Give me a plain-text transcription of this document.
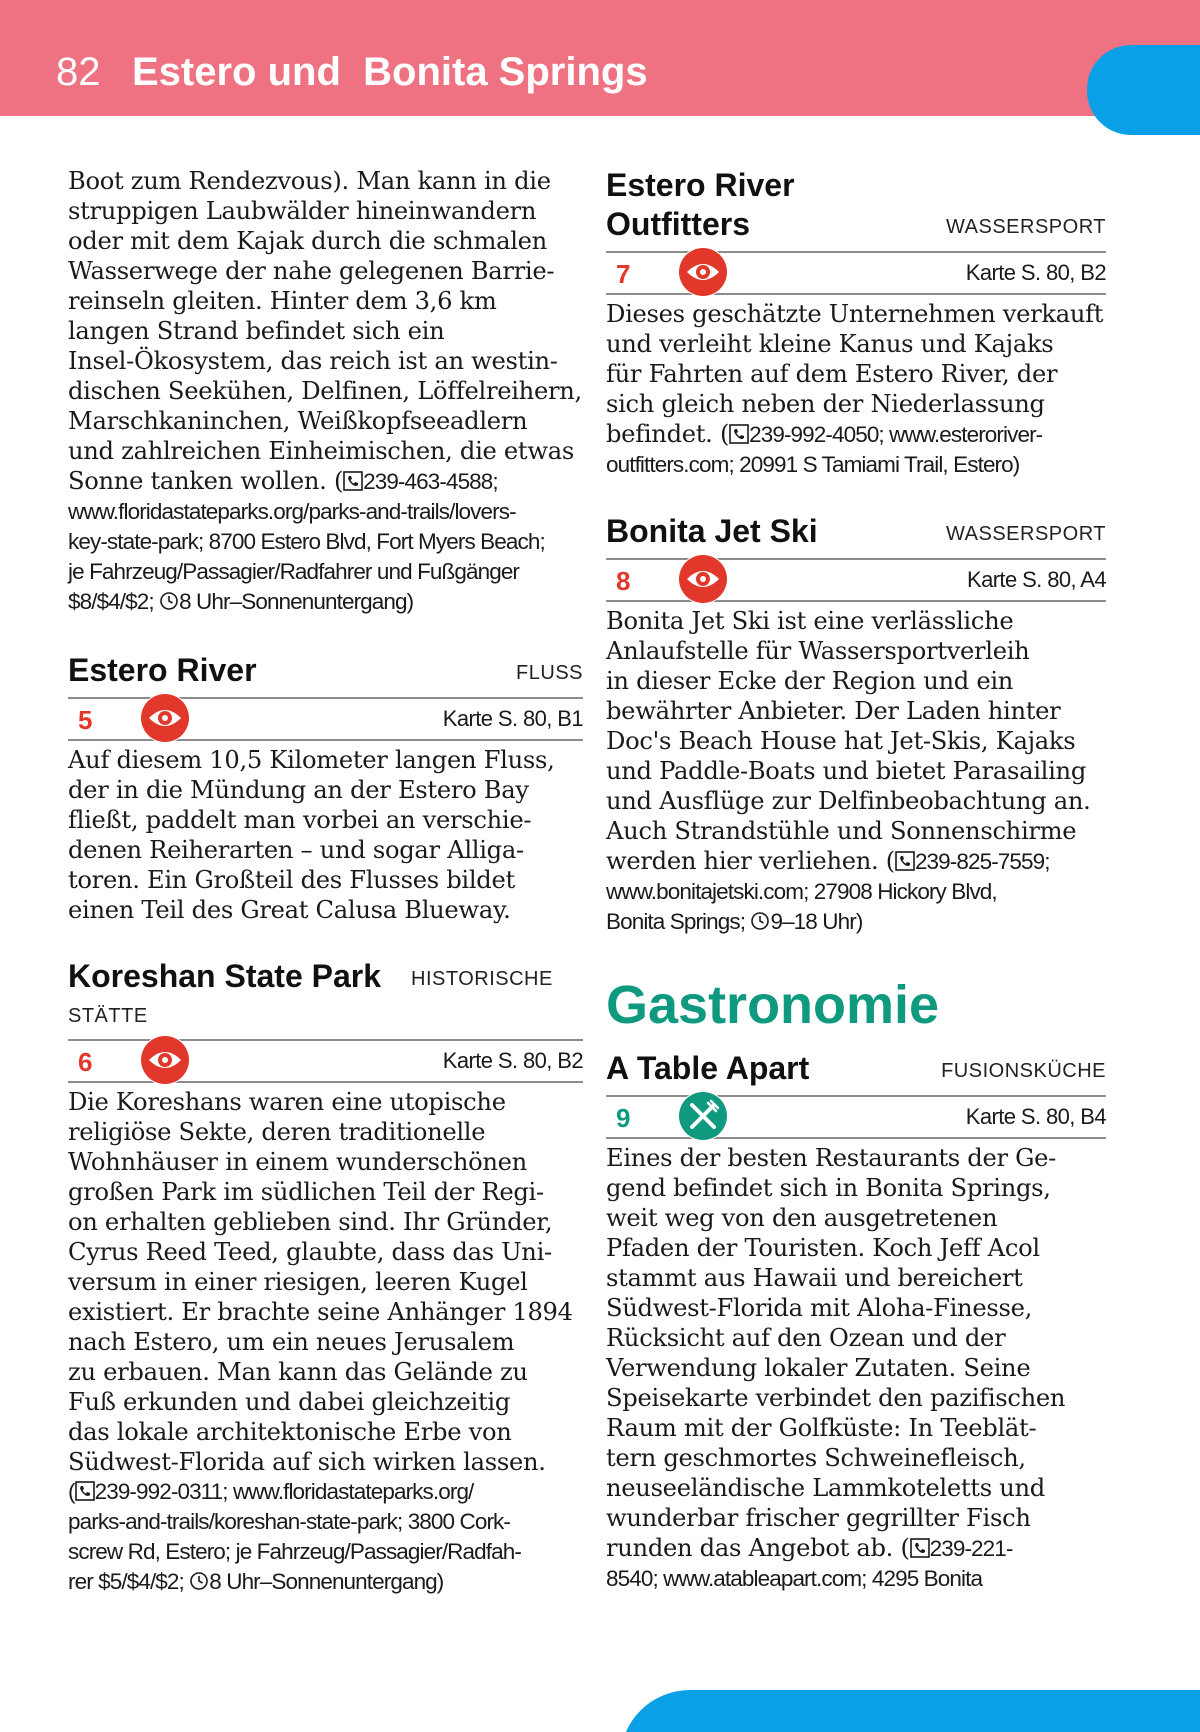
82 Estero und  Bonita Springs
Boot zum Rendezvous). Man kann in die
struppigen Laubwälder hineinwandern
oder mit dem Kajak durch die schmalen
Wasserwege der nahe gelegenen Barrie-
reinseln gleiten. Hinter dem 3,6 km
langen Strand befindet sich ein
Insel-Ökosystem, das reich ist an westin-
dischen Seekühen, Delfinen, Löffelreihern,
Marschkaninchen, Weißkopfseeadlern
und zahlreichen Einheimischen, die etwas
Sonne tanken wollen. ( 239-463-4588;
www.floridastateparks.org/parks-and-trails/lovers-
key-state-park; 8700 Estero Blvd, Fort Myers Beach;
je Fahrzeug/Passagier/Radfahrer und Fußgänger
$8/$4/$2; 8 Uhr–Sonnenuntergang)
Estero River	FLUSS
5	Karte S. 80, B1
Auf diesem 10,5 Kilometer langen Fluss,
der in die Mündung an der Estero Bay
fließt, paddelt man vorbei an verschie-
denen Reiherarten – und sogar Alliga-
toren. Ein Großteil des Flusses bildet
einen Teil des Great Calusa Blueway.
Koreshan State Park HISTORISCHE
STÄTTE
6	Karte S. 80, B2
Die Koreshans waren eine utopische
religiöse Sekte, deren traditionelle
Wohnhäuser in einem wunderschönen
großen Park im südlichen Teil der Regi-
on erhalten geblieben sind. Ihr Gründer,
Cyrus Reed Teed, glaubte, dass das Uni-
versum in einer riesigen, leeren Kugel
existiert. Er brachte seine Anhänger 1894
nach Estero, um ein neues Jerusalem
zu erbauen. Man kann das Gelände zu
Fuß erkunden und dabei gleichzeitig
das lokale architektonische Erbe von
Südwest-Florida auf sich wirken lassen.
( 239-992-0311; www.floridastateparks.org/
parks-and-trails/koreshan-state-park; 3800 Cork-
screw Rd, Estero; je Fahrzeug/Passagier/Radfah-
rer $5/$4/$2; 8 Uhr–Sonnenuntergang)
Estero River
Outfitters	WASSERSPORT
7	Karte S. 80, B2
Dieses geschätzte Unternehmen verkauft
und verleiht kleine Kanus und Kajaks
für Fahrten auf dem Estero River, der
sich gleich neben der Niederlassung
befindet. ( 239-992-4050; www.esteroriver-
outfitters.com; 20991 S Tamiami Trail, Estero)
Bonita Jet Ski	WASSERSPORT
8	Karte S. 80, A4
Bonita Jet Ski ist eine verlässliche
Anlaufstelle für Wassersportverleih
in dieser Ecke der Region und ein
bewährter Anbieter. Der Laden hinter
Doc's Beach House hat Jet-Skis, Kajaks
und Paddle-Boats und bietet Parasailing
und Ausflüge zur Delfinbeobachtung an.
Auch Strandstühle und Sonnenschirme
werden hier verliehen. ( 239-825-7559;
www.bonitajetski.com; 27908 Hickory Blvd,
Bonita Springs; 9–18 Uhr)
Gastronomie
A Table Apart	FUSIONSKÜCHE
9	Karte S. 80, B4
Eines der besten Restaurants der Ge-
gend befindet sich in Bonita Springs,
weit weg von den ausgetretenen
Pfaden der Touristen. Koch Jeff Acol
stammt aus Hawaii und bereichert
Südwest-Florida mit Aloha-Finesse,
Rücksicht auf den Ozean und der
Verwendung lokaler Zutaten. Seine
Speisekarte verbindet den pazifischen
Raum mit der Golfküste: In Teeblät-
tern geschmortes Schweinefleisch,
neuseeländische Lammkoteletts und
wunderbar frischer gegrillter Fisch
runden das Angebot ab. ( 239-221-
8540; www.atableapart.com; 4295 Bonita
